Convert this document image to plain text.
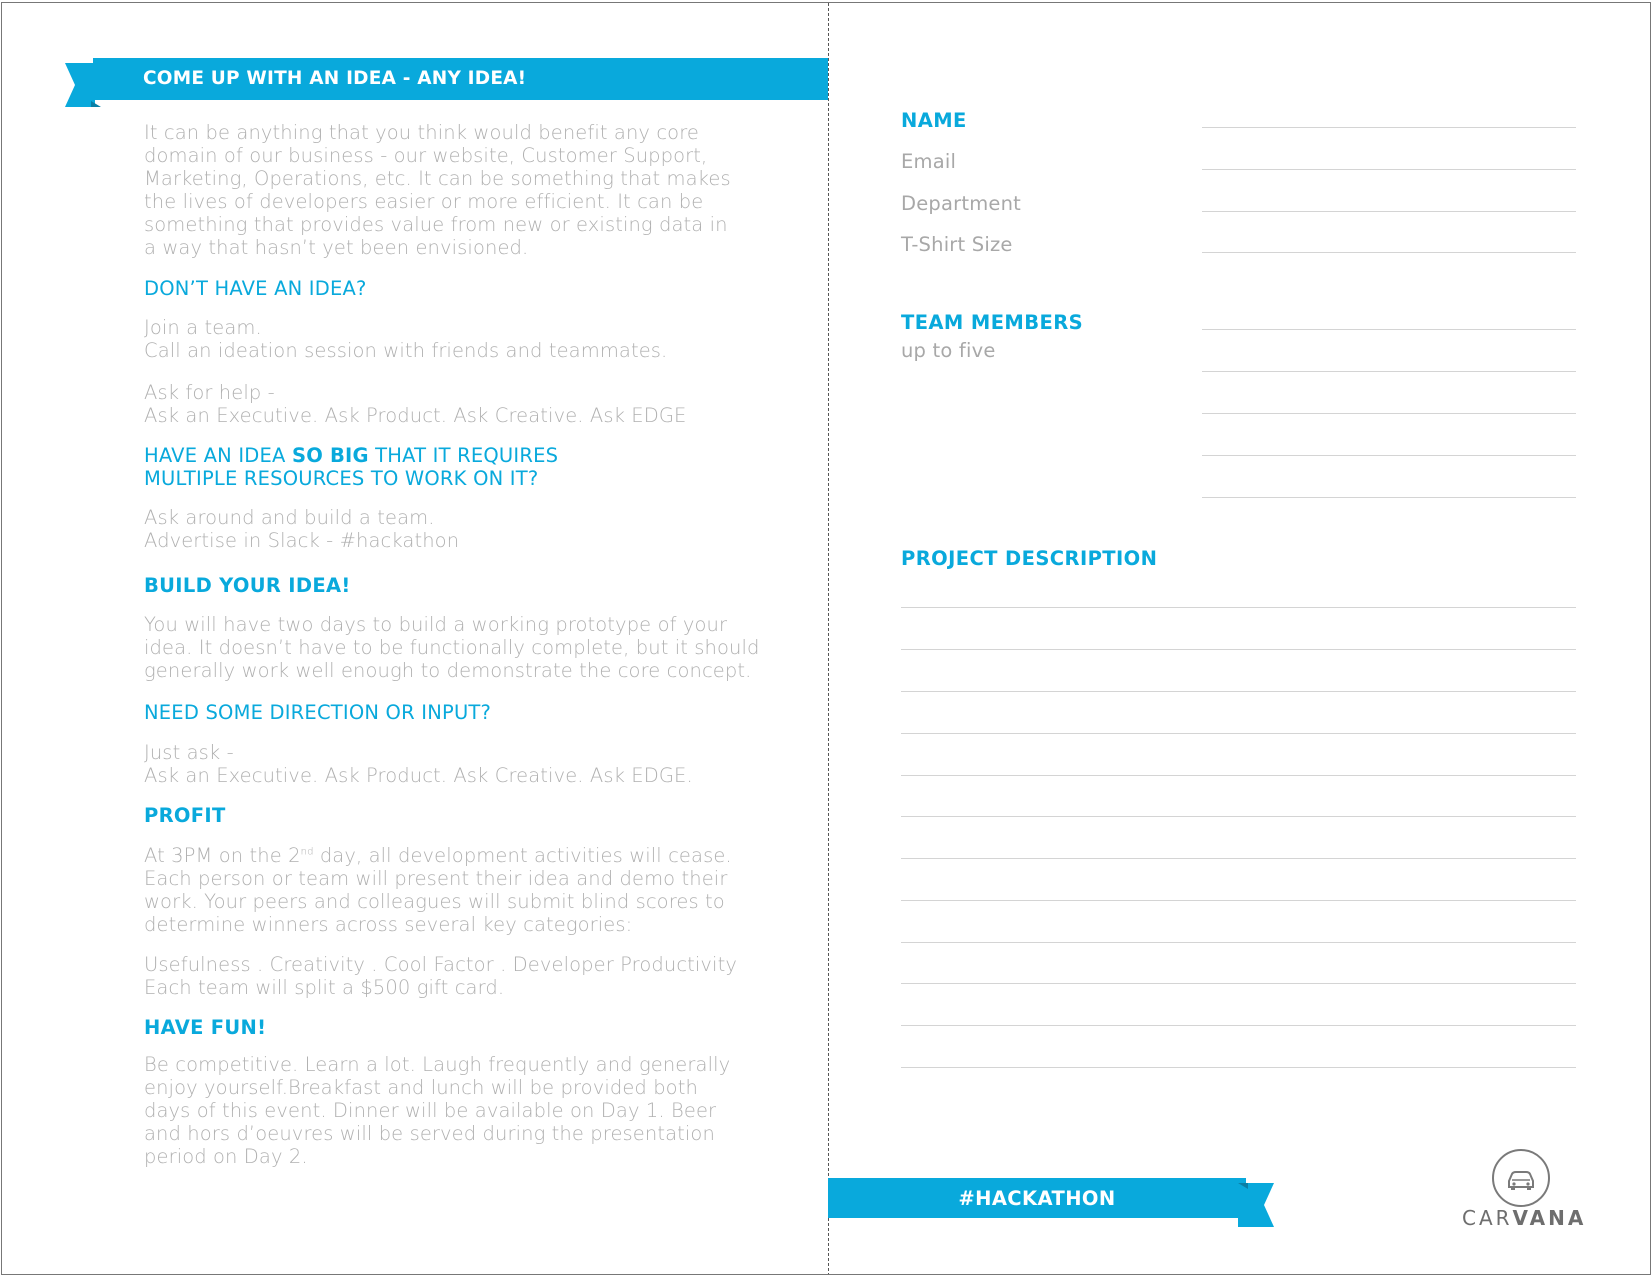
COME UP WITH AN IDEA - ANY IDEA!
It can be anything that you think would benefit any core
domain of our business - our website, Customer Support,
Marketing, Operations, etc. It can be something that makes
the lives of developers easier or more efficient. It can be
something that provides value from new or existing data in
a way that hasn’t yet been envisioned.
DON’T HAVE AN IDEA?
Join a team.
Call an ideation session with friends and teammates.
Ask for help -
Ask an Executive. Ask Product. Ask Creative. Ask EDGE
HAVE AN IDEA SO BIG THAT IT REQUIRES
MULTIPLE RESOURCES TO WORK ON IT?
Ask around and build a team.
Advertise in Slack - #hackathon
BUILD YOUR IDEA!
You will have two days to build a working prototype of your
idea. It doesn’t have to be functionally complete, but it should
generally work well enough to demonstrate the core concept.
NEED SOME DIRECTION OR INPUT?
Just ask -
Ask an Executive. Ask Product. Ask Creative. Ask EDGE.
PROFIT
At 3PM on the 2nd day, all development activities will cease.
Each person or team will present their idea and demo their
work. Your peers and colleagues will submit blind scores to
determine winners across several key categories:
Usefulness . Creativity . Cool Factor . Developer Productivity
Each team will split a $500 gift card.
HAVE FUN!
Be competitive. Learn a lot. Laugh frequently and generally
enjoy yourself.Breakfast and lunch will be provided both
days of this event. Dinner will be available on Day 1. Beer
and hors d’oeuvres will be served during the presentation
period on Day 2.
NAME
Email
Department
T-Shirt Size
TEAM MEMBERS
up to five
PROJECT DESCRIPTION
#HACKATHON
CARVANA
